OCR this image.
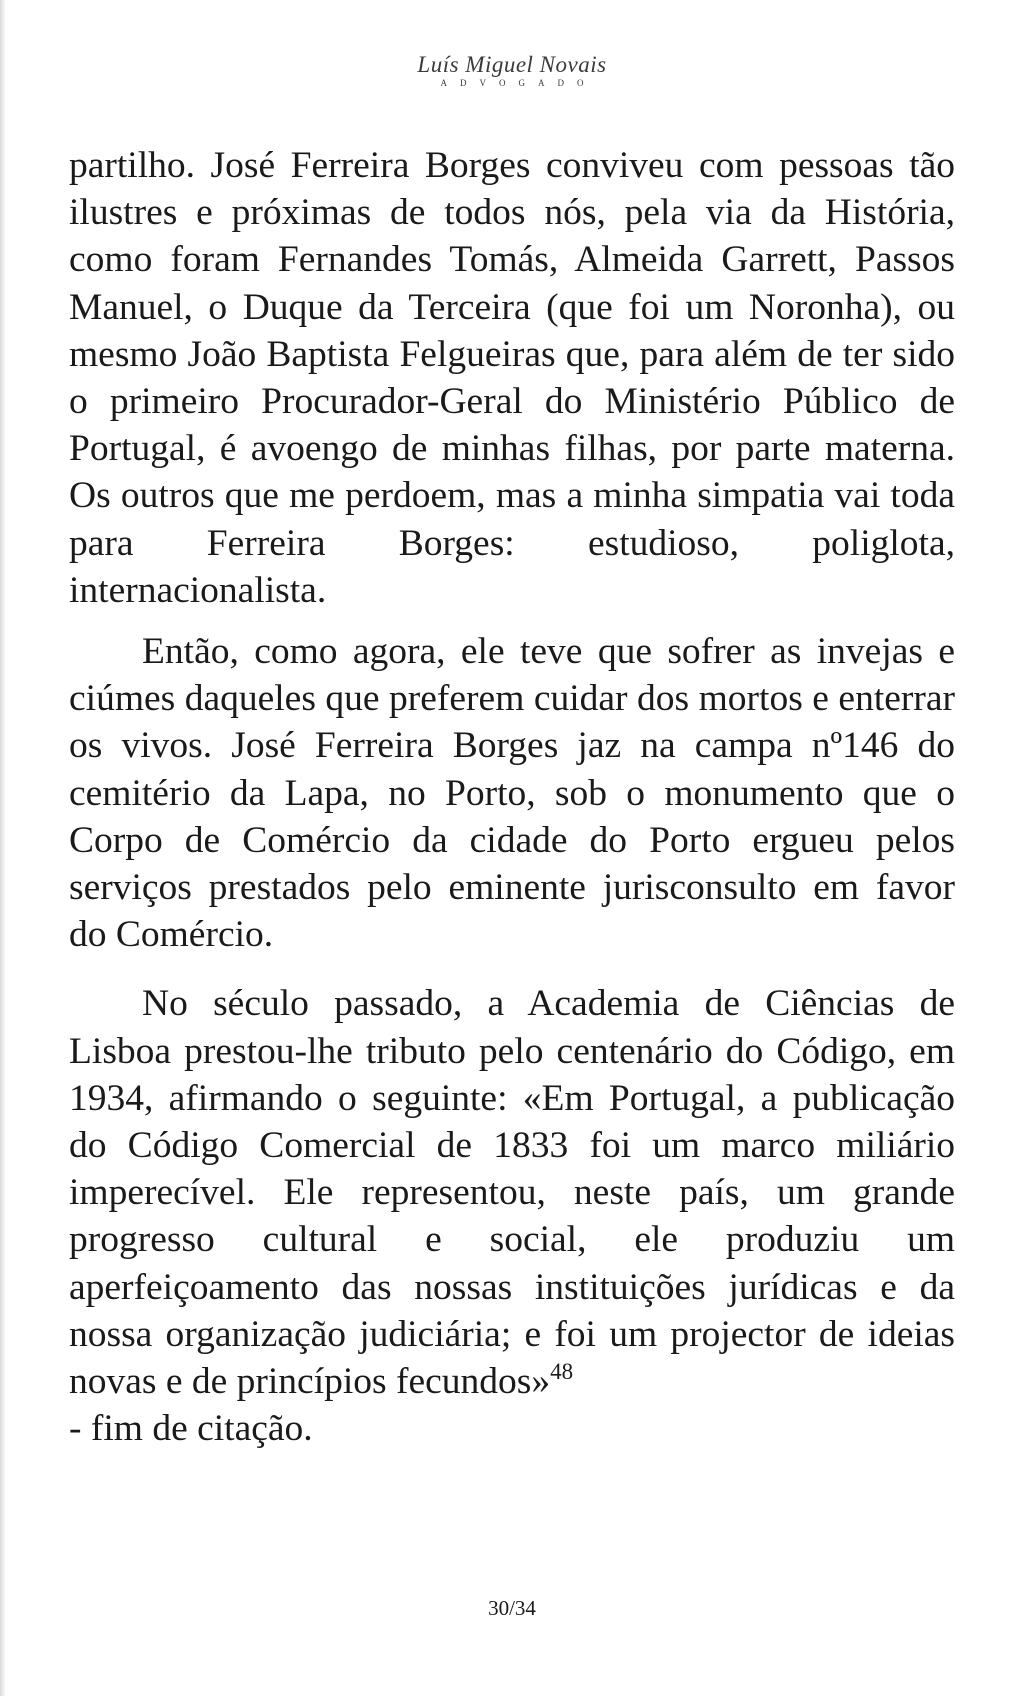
Luís Miguel Novais
ADVOGADO

partilho. José Ferreira Borges conviveu com pessoas tão ilustres e próximas de todos nós, pela via da História, como foram Fernandes Tomás, Almeida Garrett, Passos Manuel, o Duque da Terceira (que foi um Noronha), ou mesmo João Baptista Felgueiras que, para além de ter sido o primeiro Procurador-Geral do Ministério Público de Portugal, é avoengo de minhas filhas, por parte materna. Os outros que me perdoem, mas a minha simpatia vai toda para Ferreira Borges: estudioso, poliglota, internacionalista.

Então, como agora, ele teve que sofrer as invejas e ciúmes daqueles que preferem cuidar dos mortos e enterrar os vivos. José Ferreira Borges jaz na campa nº146 do cemitério da Lapa, no Porto, sob o monumento que o Corpo de Comércio da cidade do Porto ergueu pelos serviços prestados pelo eminente jurisconsulto em favor do Comércio.

No século passado, a Academia de Ciências de Lisboa prestou-lhe tributo pelo centenário do Código, em 1934, afirmando o seguinte: «Em Portugal, a publicação do Código Comercial de 1833 foi um marco miliário imperecível. Ele representou, neste país, um grande progresso cultural e social, ele produziu um aperfeiçoamento das nossas instituições jurídicas e da nossa organização judiciária; e foi um projector de ideias novas e de princípios fecundos»$^{48}$
- fim de citação.

30/34
